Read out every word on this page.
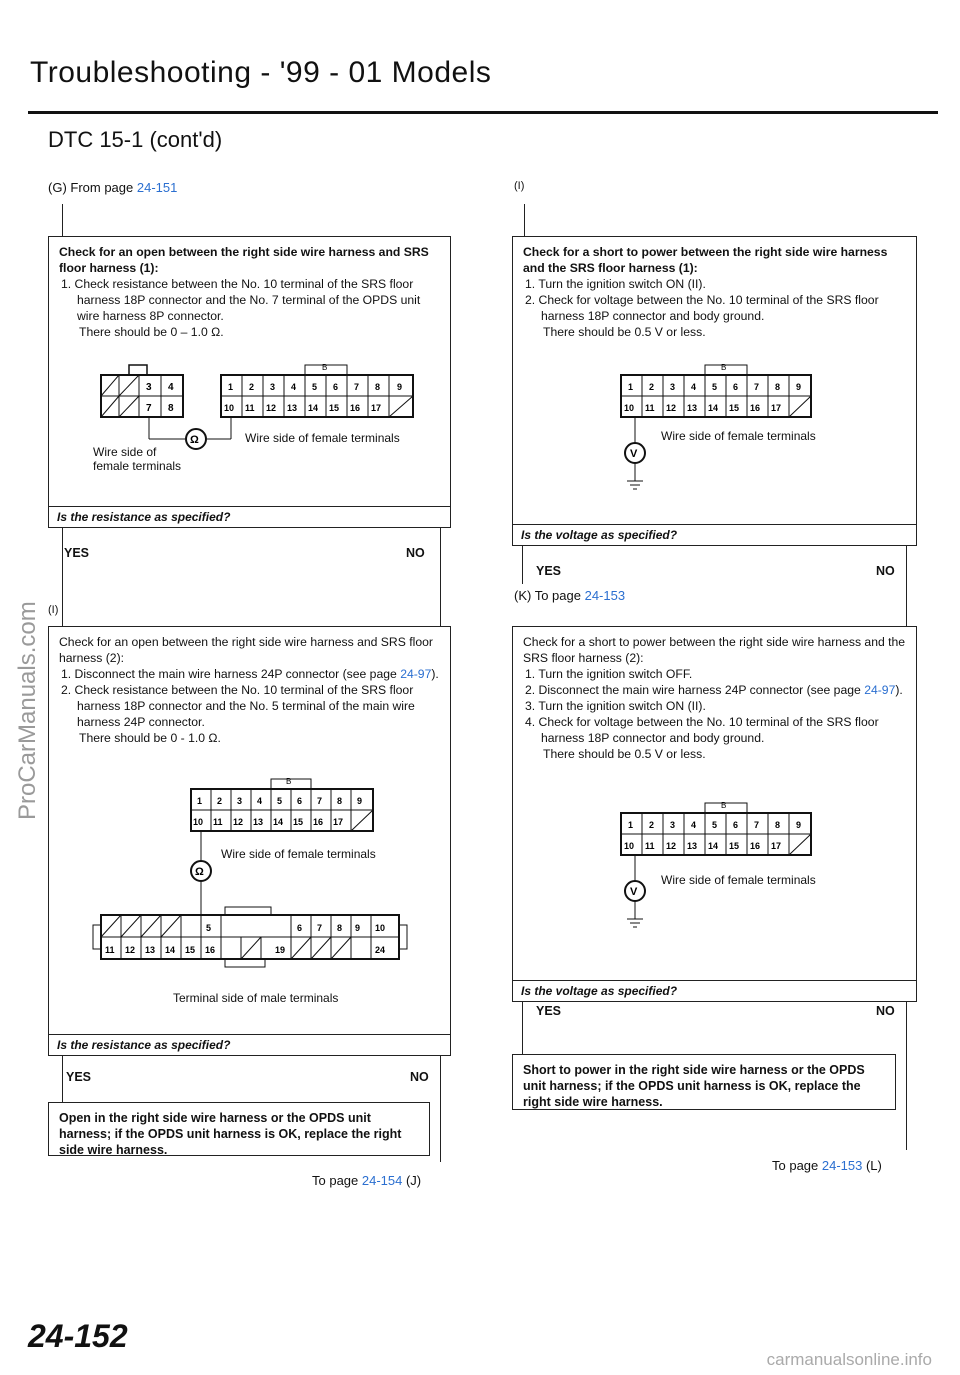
Troubleshooting - '99 - 01 Models
DTC 15-1 (cont'd)
(G) From page 24-151
Check for an open between the right side wire harness and SRS floor harness (1):
1. Check resistance between the No. 10 terminal of the SRS floor harness 18P connector and the No. 7 terminal of the OPDS unit wire harness 8P connector.
There should be 0 – 1.0 Ω.
3 4
7 8
B
1 2 3 4 5 6 7 8 9
10 11 12 13 14 15 16 17
Ω	Wire side of female terminals
Wire side of
female terminals
Is the resistance as specified?
YES	NO
(I)
Check for an open between the right side wire harness and SRS floor harness (2):
1. Disconnect the main wire harness 24P connector (see page 24-97).
2. Check resistance between the No. 10 terminal of the SRS floor harness 18P connector and the No. 5 terminal of the main wire harness 24P connector.
There should be 0 - 1.0 Ω.
B
1 2 3 4 5 6 7 8 9
10 11 12 13 14 15 16 17
Ω
5	6 7 8 9 10
11 12 13 14 15 16	19	24
Wire side of female terminals
Terminal side of male terminals
Is the resistance as specified?
YES	NO
Open in the right side wire harness or the OPDS unit harness; if the OPDS unit harness is OK, replace the right side wire harness.
To page 24-154 (J)
(I)
Check for a short to power between the right side wire harness and the SRS floor harness (1):
1. Turn the ignition switch ON (II).
2. Check for voltage between the No. 10 terminal of the SRS floor harness 18P connector and body ground.
There should be 0.5 V or less.
B
1 2 3 4 5 6 7 8 9
10 11 12 13 14 15 16 17
V
Wire side of female terminals
Is the voltage as specified?
YES	NO
(K) To page 24-153
Check for a short to power between the right side wire harness and the SRS floor harness (2):
1. Turn the ignition switch OFF.
2. Disconnect the main wire harness 24P connector (see page 24-97).
3. Turn the ignition switch ON (II).
4. Check for voltage between the No. 10 terminal of the SRS floor harness 18P connector and body ground.
There should be 0.5 V or less.
B
1 2 3 4 5 6 7 8 9
10 11 12 13 14 15 16 17
V
Wire side of female terminals
Is the voltage as specified?
YES	NO
Short to power in the right side wire harness or the OPDS unit harness; if the OPDS unit harness is OK, replace the right side wire harness.
To page 24-153 (L)
24-152
ProCarManuals.com
carmanualsonline.info
